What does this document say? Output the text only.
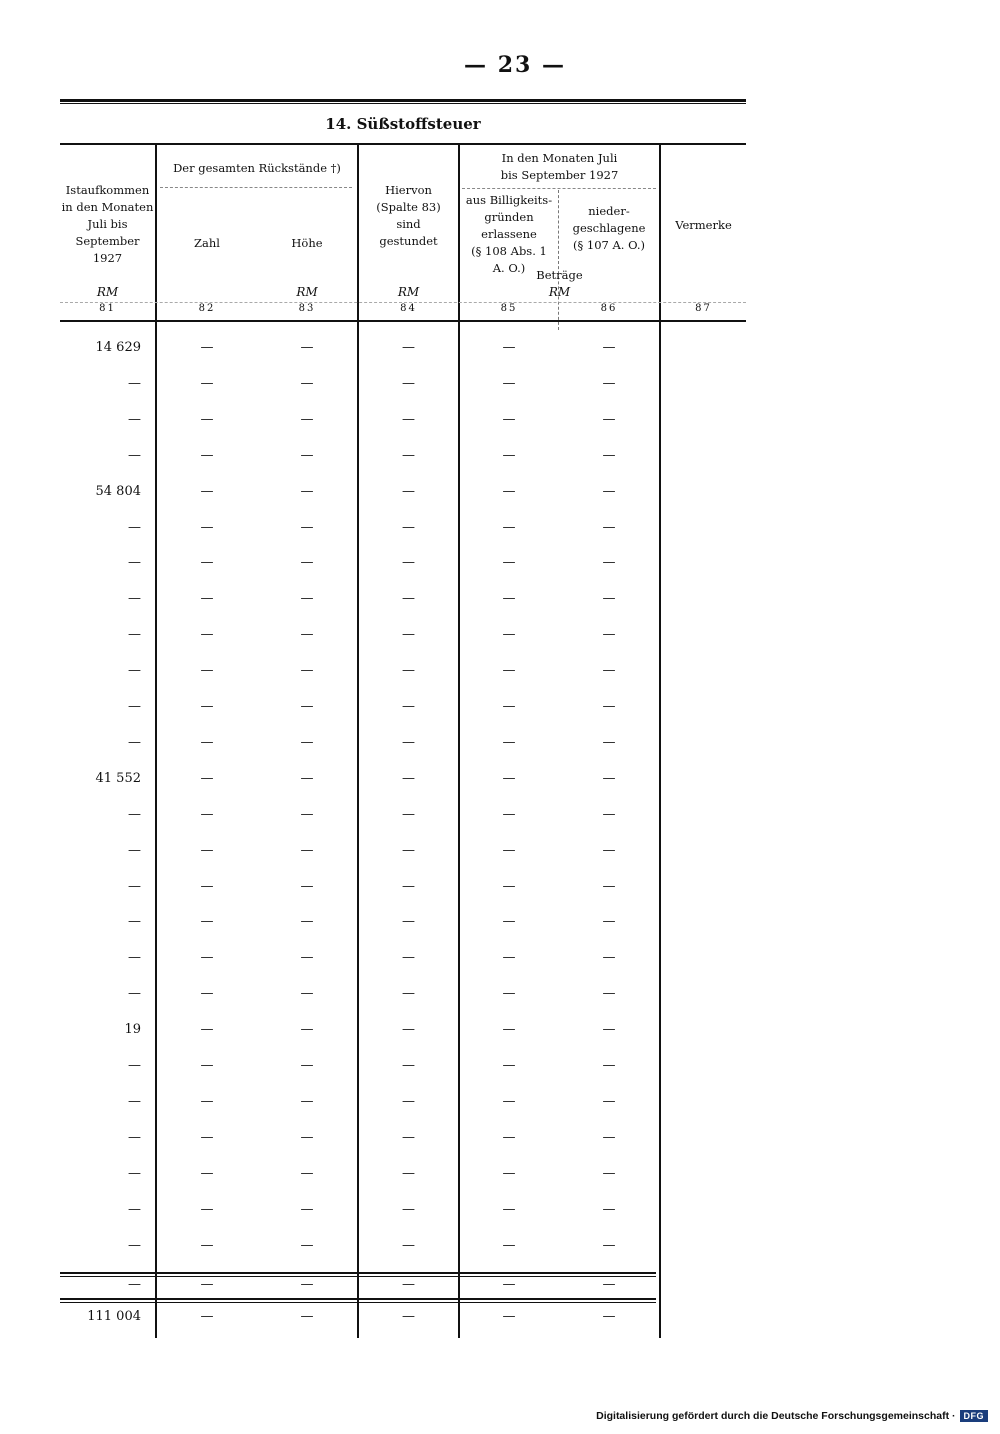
— 23 —
14. Süßstoffsteuer
Istaufkommen
in den Monaten
Juli bis
September 1927
Der gesamten Rückstände †)
Zahl	Höhe
Hiervon
(Spalte 83)
sind
gestundet
In den Monaten Juli
bis September 1927
aus Billigkeits-
gründen
erlassene
(§ 108 Abs. 1
A. O.)
nieder-
geschlagene
(§ 107 A. O.)
Beträge
Vermerke
RM	RM	RM	RM
81	82	83	84	85	86	87
14 629	—	—	—	—	—
—	—	—	—	—	—
—	—	—	—	—	—
—	—	—	—	—	—
54 804	—	—	—	—	—
—	—	—	—	—	—
—	—	—	—	—	—
—	—	—	—	—	—
—	—	—	—	—	—
—	—	—	—	—	—
—	—	—	—	—	—
—	—	—	—	—	—
41 552	—	—	—	—	—
—	—	—	—	—	—
—	—	—	—	—	—
—	—	—	—	—	—
—	—	—	—	—	—
—	—	—	—	—	—
—	—	—	—	—	—
19	—	—	—	—	—
—	—	—	—	—	—
—	—	—	—	—	—
—	—	—	—	—	—
—	—	—	—	—	—
—	—	—	—	—	—
—	—	—	—	—	—
—	—	—	—	—	—
111 004	—	—	—	—	—
Digitalisierung gefördert durch die Deutsche Forschungsgemeinschaft · DFG
